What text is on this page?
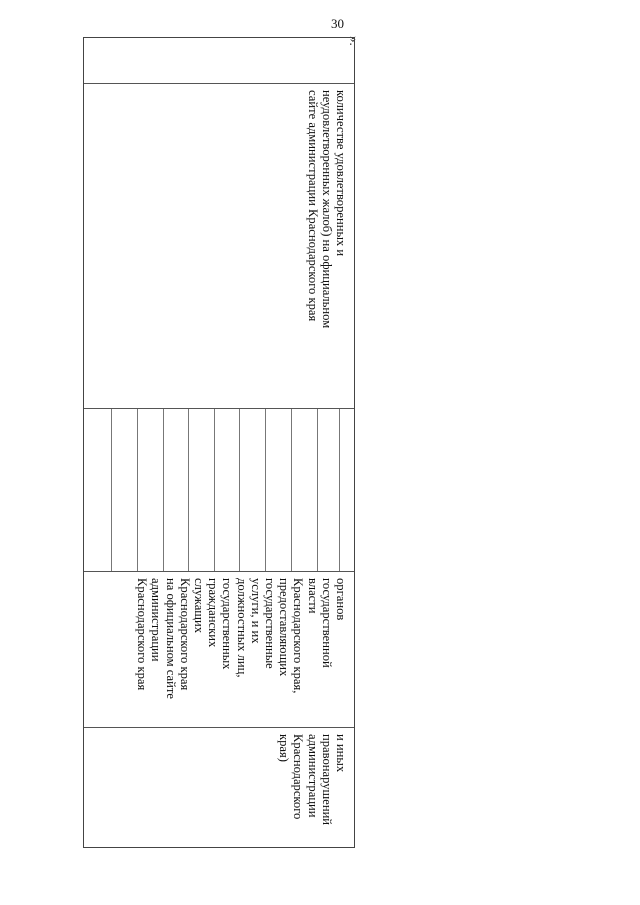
30
».
количестве удовлетворенных и
неудовлетворенных жалоб) на официальном
сайте администрации Краснодарского края
органов
государственной
власти
Краснодарского края,
предоставляющих
государственные
услуги, и их
должностных лиц,
государственных
гражданских
служащих
Краснодарского края
на официальном сайте
администрации
Краснодарского края
и иных
правонарушений
администрации
Краснодарского
края)
